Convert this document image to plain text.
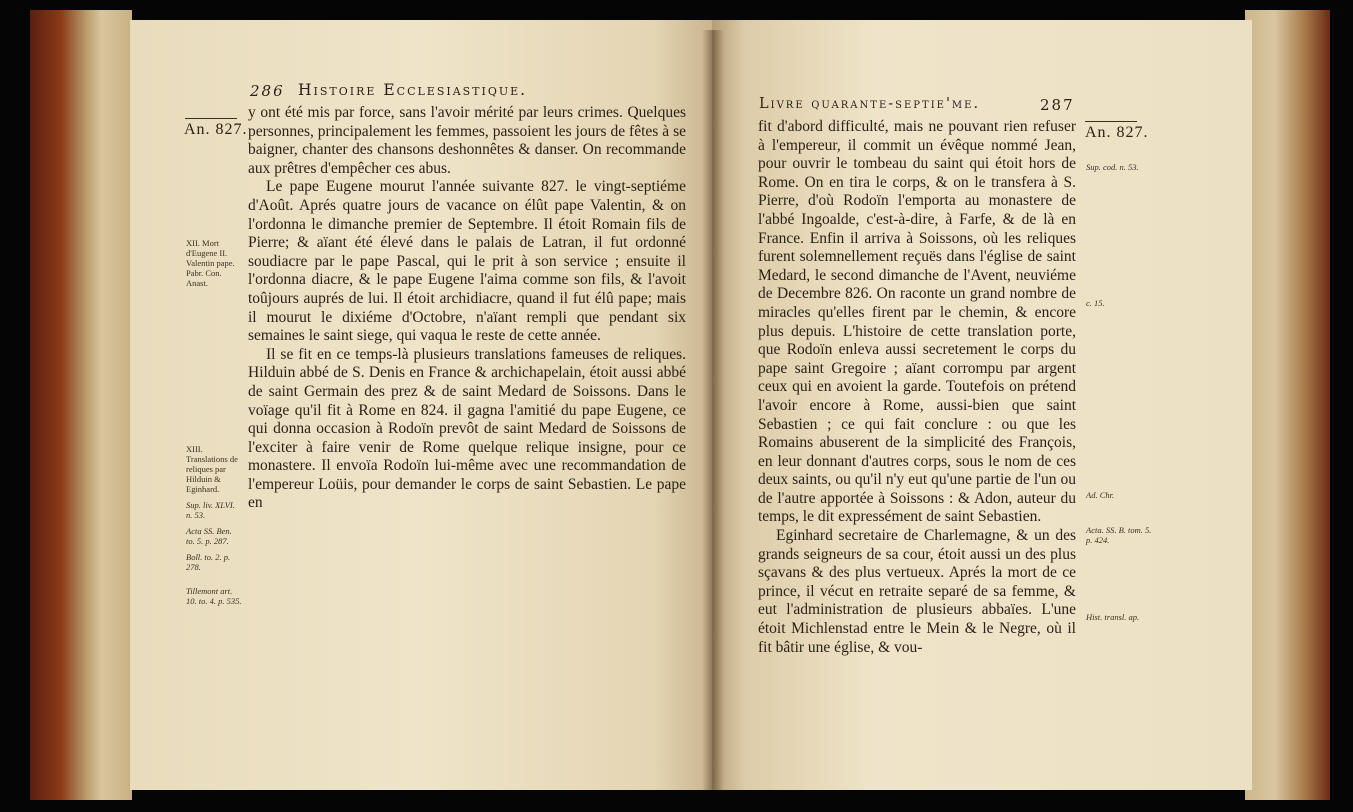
286 Histoire Ecclesiastique.
An. 827.
XII. Mort d'Eugene II. Valentin pape. Pabr. Con. Anast.
XIII. Translations de reliques par Hilduin & Eginhard.
Sup. liv. XLVI. n. 53.
Acta SS. Ben. to. 5. p. 287.
Boll. to. 2. p. 278.
Tillemont art. 10. to. 4. p. 535.

y ont été mis par force, sans l'avoir mérité par leurs crimes. Quelques personnes, principalement les femmes, passoient les jours de fêtes à se baigner, chanter des chansons deshonnêtes & danser. On recommande aux prêtres d'empêcher ces abus.

Le pape Eugene mourut l'année suivante 827. le vingt-septiéme d'Août. Aprés quatre jours de vacance on élût pape Valentin, & on l'ordonna le dimanche premier de Septembre. Il étoit Romain fils de Pierre; & aïant été élevé dans le palais de Latran, il fut ordonné soudiacre par le pape Pascal, qui le prit à son service ; ensuite il l'ordonna diacre, & le pape Eugene l'aima comme son fils, & l'avoit toûjours auprés de lui. Il étoit archidiacre, quand il fut élû pape; mais il mourut le dixiéme d'Octobre, n'aïant rempli que pendant six semaines le saint siege, qui vaqua le reste de cette année.

Il se fit en ce temps-là plusieurs translations fameuses de reliques. Hilduin abbé de S. Denis en France & archichapelain, étoit aussi abbé de saint Germain des prez & de saint Medard de Soissons. Dans le voïage qu'il fit à Rome en 824. il gagna l'amitié du pape Eugene, ce qui donna occasion à Rodoïn prevôt de saint Medard de Soissons de l'exciter à faire venir de Rome quelque relique insigne, pour ce monastere. Il envoïa Rodoïn lui-même avec une recommandation de l'empereur Loüis, pour demander le corps de saint Sebastien. Le pape en

Livre quarante-septie'me.	287
An. 827.

fit d'abord difficulté, mais ne pouvant rien refuser à l'empereur, il commit un évêque nommé Jean, pour ouvrir le tombeau du saint qui étoit hors de Rome. On en tira le corps, & on le transfera à S. Pierre, d'où Rodoïn l'emporta au monastere de l'abbé Ingoalde, c'est-à-dire, à Farfe, & de là en France. Enfin il arriva à Soissons, où les reliques furent solemnellement reçuës dans l'église de saint Medard, le second dimanche de l'Avent, neuviéme de Decembre 826. On raconte un grand nombre de miracles qu'elles firent par le chemin, & encore plus depuis. L'histoire de cette translation porte, que Rodoïn enleva aussi secretement le corps du pape saint Gregoire ; aïant corrompu par argent ceux qui en avoient la garde. Toutefois on prétend l'avoir encore à Rome, aussi-bien que saint Sebastien ; ce qui fait conclure : ou que les Romains abuserent de la simplicité des François, en leur donnant d'autres corps, sous le nom de ces deux saints, ou qu'il n'y eut qu'une partie de l'un ou de l'autre apportée à Soissons : & Adon, auteur du temps, le dit expressément de saint Sebastien.

Eginhard secretaire de Charlemagne, & un des grands seigneurs de sa cour, étoit aussi un des plus sçavans & des plus vertueux. Aprés la mort de ce prince, il vécut en retraite separé de sa femme, & eut l'administration de plusieurs abbaïes. L'une étoit Michlenstad entre le Mein & le Negre, où il fit bâtir une église, & vou-

Sup. cod. n. 53.
c. 15.
Ad. Chr.
Acta. SS. B. tom. 5. p. 424.
Hist. transl. ap.
